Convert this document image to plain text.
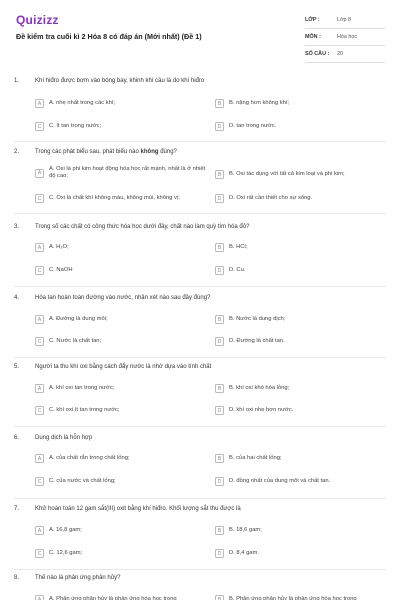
Quizizz
Đề kiểm tra cuối kì 2 Hóa 8 có đáp án (Mới nhất) (Đề 1)
LỚP :	Lớp 8
MÔN :	Hóa học
SỐ CÂU :	20
1.	Khí hiđro được bơm vào bóng bay, khinh khí cầu là do khí hiđro
A	A. nhẹ nhất trong các khí;	B	B. nặng hơn không khí;
C	C. ít tan trong nước;	D	D. tan trong nước.
2.	Trong các phát biểu sau, phát biểu nào không đúng?
A
A. Oxi là phi kim hoạt động hóa học rất mạnh, nhất là ở nhiệt độ cao;	B	B. Oxi tác dụng với tất cả kim loại và phi kim;
C	C. Oxi là chất khí không màu, không mùi, không vị;	D	D. Oxi rất cần thiết cho sự sống.
3.	Trong số các chất có công thức hóa học dưới đây, chất nào làm quỳ tím hóa đỏ?
A	A. H₂O;	B	B. HCl;
C	C. NaOH	D	D. Cu.
4.	Hòa tan hoàn toàn đường vào nước, nhận xét nào sau đây đúng?
A	A. Đường là dung môi;	B	B. Nước là dung dịch;
C	C. Nước là chất tan;	D	D. Đường là chất tan.
5.	Người ta thu khí oxi bằng cách đẩy nước là nhờ dựa vào tính chất
A	A. khí oxi tan trong nước;	B	B. khí oxi khó hóa lỏng;
C	C. khí oxi ít tan trong nước;	D	D. khí oxi nhẹ hơn nước.
6.	Dung dịch là hỗn hợp
A	A. của chất rắn trong chất lỏng;	B	B. của hai chất lỏng;
C	C. của nước và chất lỏng;	D	D. đồng nhất của dung môi và chất tan.
7.	Khử hoàn toàn 12 gam sắt(III) oxit bằng khí hiđro. Khối lượng sắt thu được là
A	A. 16,8 gam;	B	B. 18,6 gam;
C	C. 12,6 gam;	D	D. 8,4 gam.
8.	Thế nào là phản ứng phân hủy?
A	A. Phản ứng phân hủy là phản ứng hóa học trong	B	B. Phản ứng phân hủy là phản ứng hóa học trong
